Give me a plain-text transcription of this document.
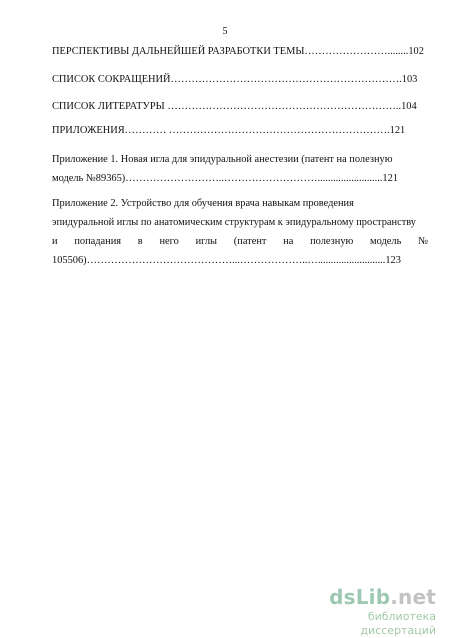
5
ПЕРСПЕКТИВЫ ДАЛЬНЕЙШЕЙ РАЗРАБОТКИ ТЕМЫ……………………........102
СПИСОК СОКРАЩЕНИЙ………………………………………………………….103
СПИСОК ЛИТЕРАТУРЫ …………………………………………………………..104
ПРИЛОЖЕНИЯ………… ……………………………………………………….121
Приложение 1. Новая игла для эпидуральной анестезии (патент на полезную
модель №89365)………………………..……………………….........................121
Приложение 2. Устройство для обучения врача навыкам проведения
эпидуральной иглы по анатомическим структурам к эпидуральному пространству
и попадания в него иглы (патент на полезную модель №
105506)……………………………………...………………..…..........................123
dsLib.net
библиотека диссертаций
